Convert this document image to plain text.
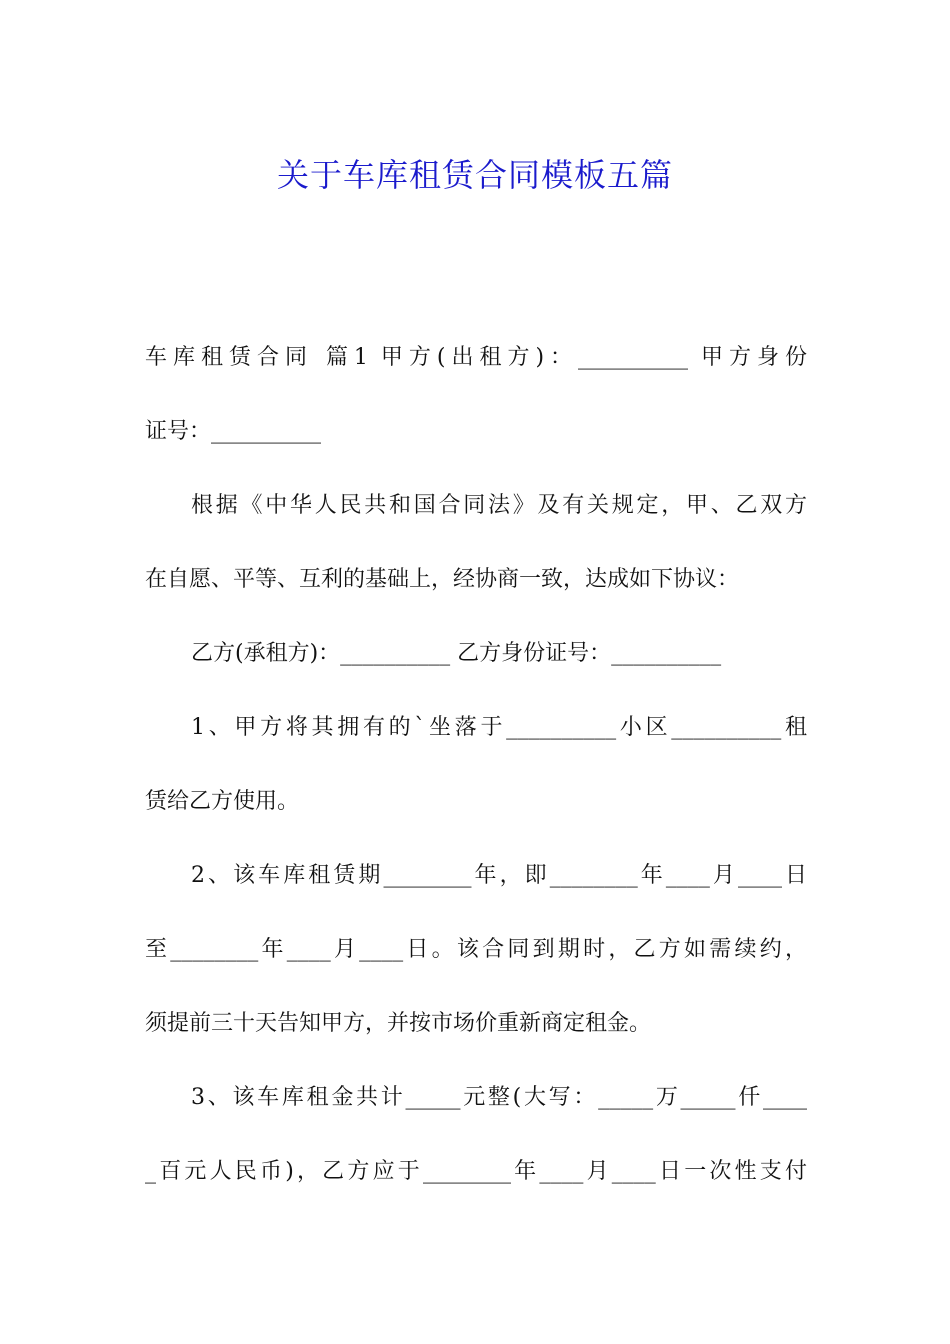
关于车库租赁合同模板五篇
车库租赁合同 篇1 甲方(出租方)：__________ 甲方身份
证号：__________
根据《中华人民共和国合同法》及有关规定，甲、乙双方
在自愿、平等、互利的基础上，经协商一致，达成如下协议：
乙方(承租方)：__________ 乙方身份证号：__________
1、甲方将其拥有的`坐落于__________小区__________租
赁给乙方使用。
2、该车库租赁期________年，即________年____月____日
至________年____月____日。该合同到期时，乙方如需续约，
须提前三十天告知甲方，并按市场价重新商定租金。
3、该车库租金共计_____元整(大写：_____万_____仟____
_百元人民币)，乙方应于________年____月____日一次性支付
